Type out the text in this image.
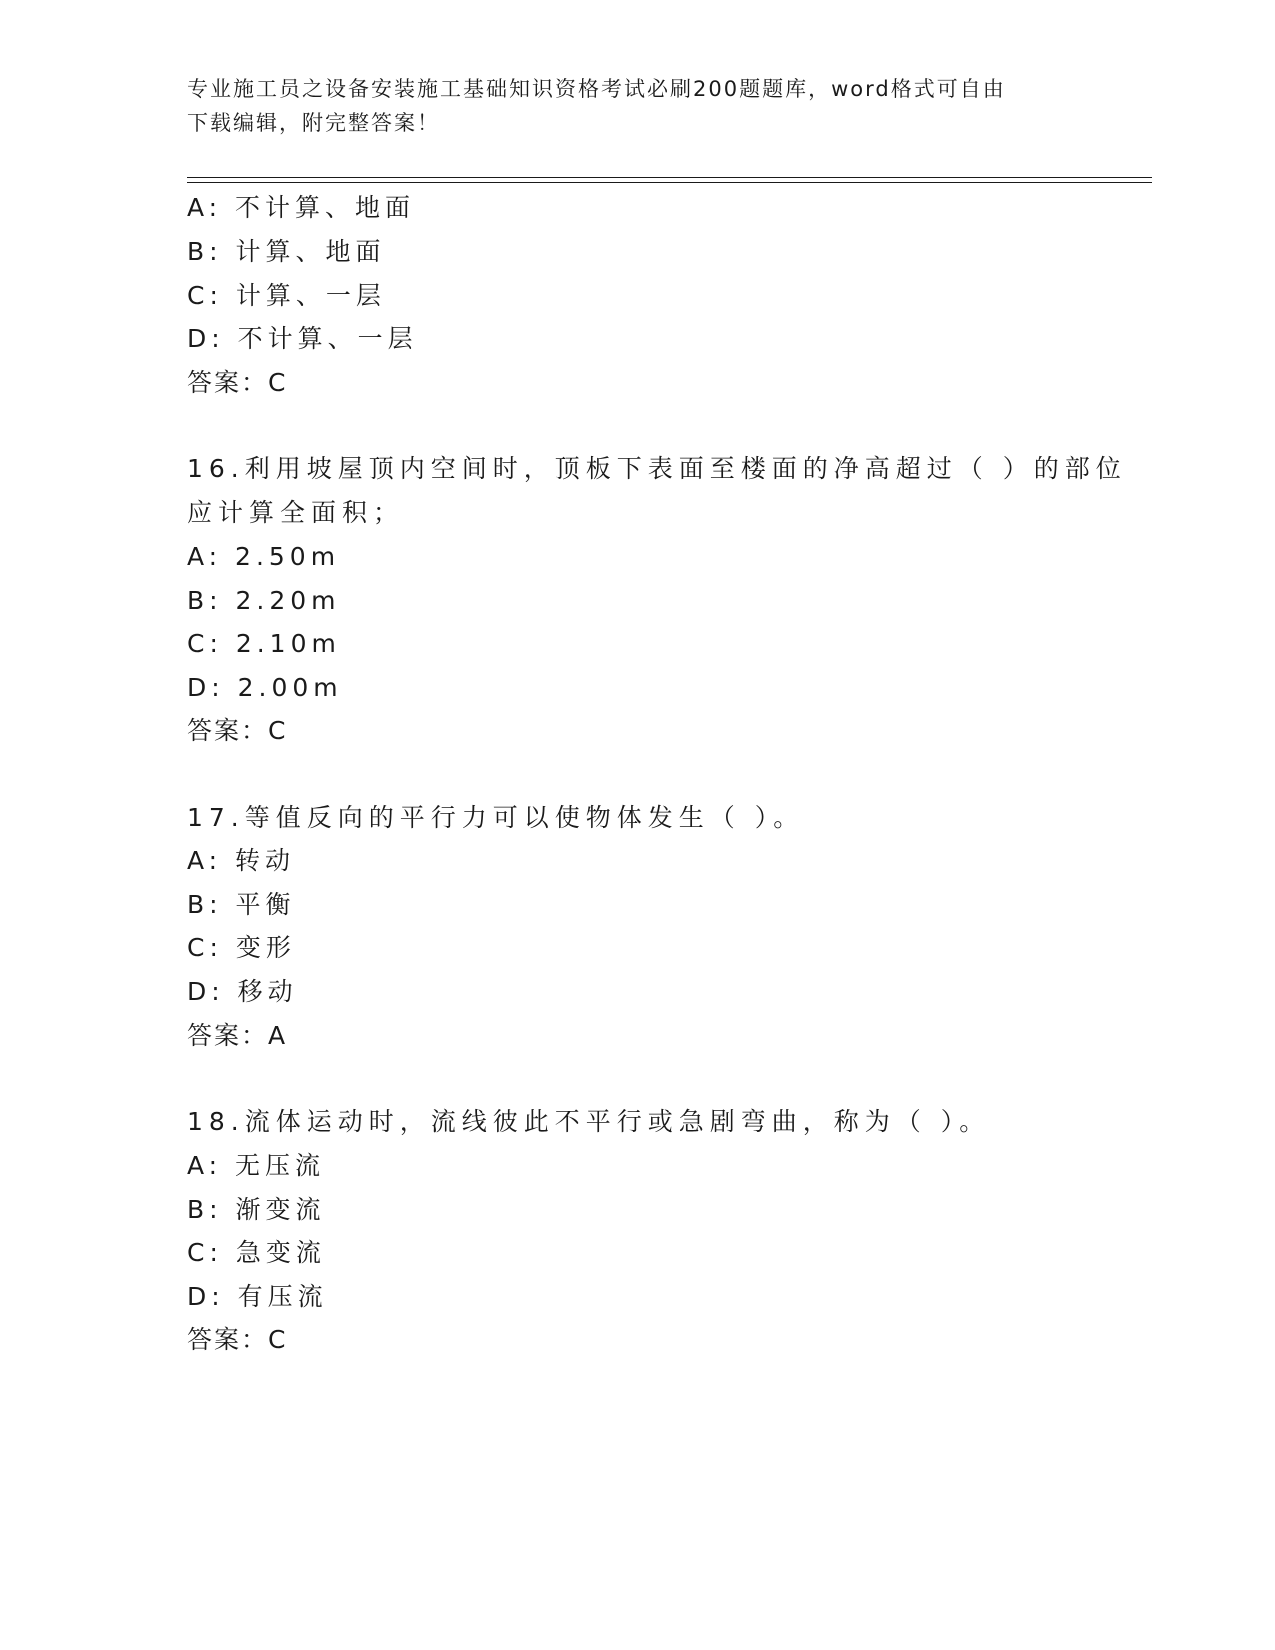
专业施工员之设备安装施工基础知识资格考试必刷200题题库，word格式可自由
下载编辑，附完整答案！
A: 不计算、地面
B: 计算、地面
C: 计算、一层
D: 不计算、一层
答案：C
16.利用坡屋顶内空间时，顶板下表面至楼面的净高超过（ ）的部位
应计算全面积；
A: 2.50m
B: 2.20m
C: 2.10m
D: 2.00m
答案：C
17.等值反向的平行力可以使物体发生（ ）。
A: 转动
B: 平衡
C: 变形
D: 移动
答案：A
18.流体运动时，流线彼此不平行或急剧弯曲，称为（ ）。
A: 无压流
B: 渐变流
C: 急变流
D: 有压流
答案：C
